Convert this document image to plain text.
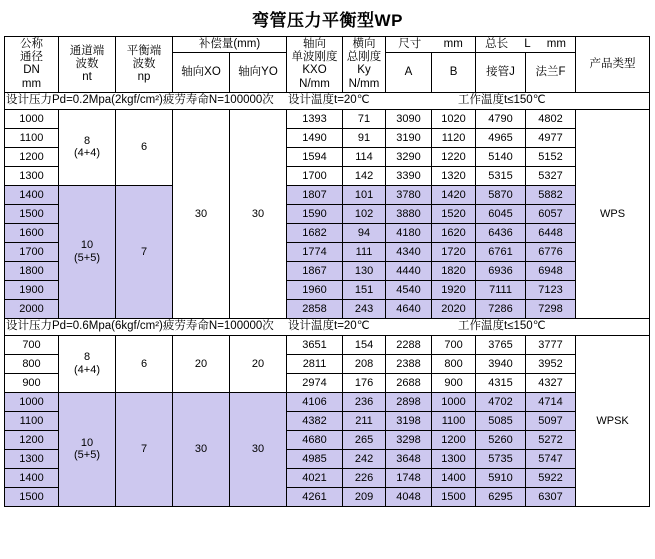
弯管压力平衡型WP
公称
通径
DN
mm

通道端
波数
nt

平衡端
波数
np
	补偿量(mm)	轴向
单波刚度
KXO
N/mm

横向
总刚度
Ky
N/mm

尺寸 mm	总长 L mm
	产品类型
			轴向XO	轴向YO			A	B	接管J	法兰F	

设计压力Pd=0.2Mpa(2kgf/cm²)疲劳寿命N=100000次 设计温度t=20℃ 工作温度t≤150℃											

1000	8
(4+4)	6	30	30	1393	71	3090	1020	4790	4802	WPS
1100					1490	91	3190	1120	4965	4977	
1200					1594	114	3290	1220	5140	5152	
1300					1700	142	3390	1320	5315	5327	
1400	10
(5+5)	7			1807	101	3780	1420	5870	5882	
1500					1590	102	3880	1520	6045	6057	
1600					1682	94	4180	1620	6436	6448	
1700					1774	111	4340	1720	6761	6776	
1800					1867	130	4440	1820	6936	6948	
1900					1960	151	4540	1920	7111	7123	
2000					2858	243	4640	2020	7286	7298	

设计压力Pd=0.6Mpa(6kgf/cm²)疲劳寿命N=100000次 设计温度t=20℃ 工作温度t≤150℃											

700	8
(4+4)	6	20	20	3651	154	2288	700	3765	3777	WPSK
800					2811	208	2388	800	3940	3952	
900					2974	176	2688	900	4315	4327	
1000	10
(5+5)	7	30	30	4106	236	2898	1000	4702	4714	
1100					4382	211	3198	1100	5085	5097	
1200					4680	265	3298	1200	5260	5272	
1300					4985	242	3648	1300	5735	5747	
1400					4021	226	1748	1400	5910	5922	
1500					4261	209	4048	1500	6295	6307	
